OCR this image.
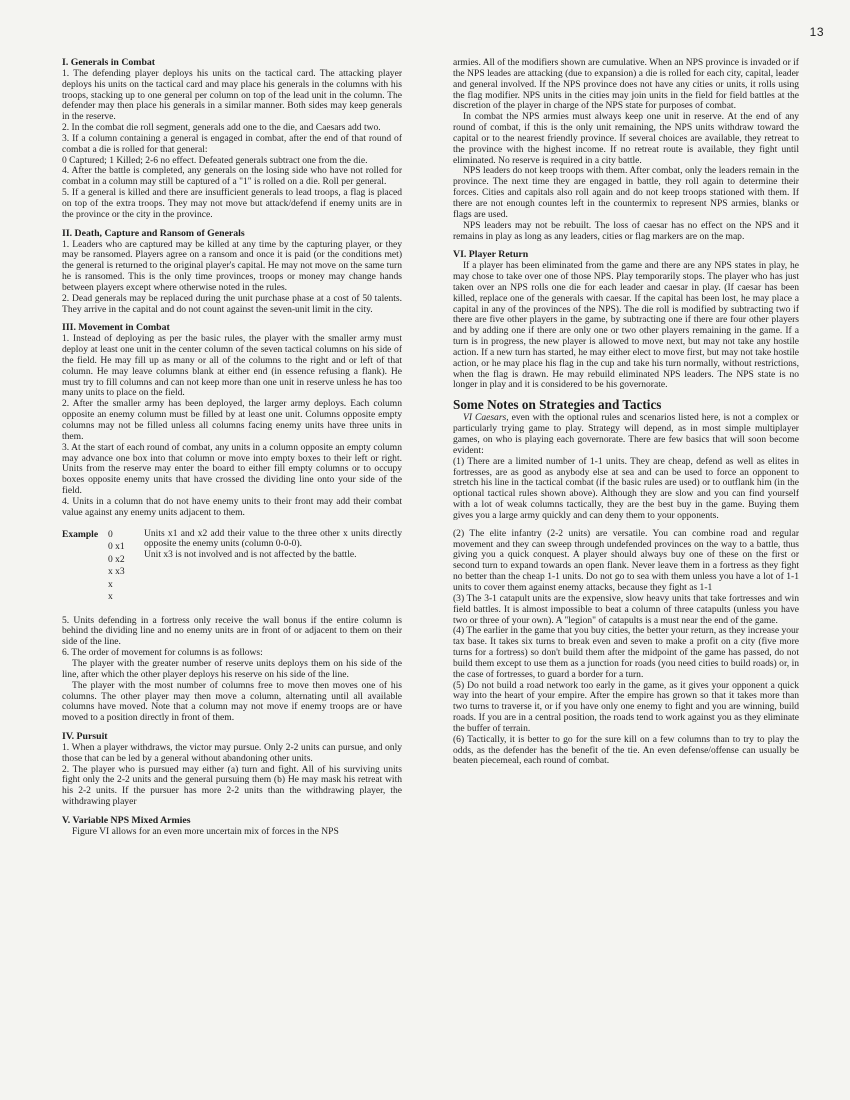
13
I. Generals in Combat

1. The defending player deploys his units on the tactical card. The attacking player deploys his units on the tactical card and may place his generals in the columns with his troops, stacking up to one general per column on top of the lead unit in the column. The defender may then place his generals in a similar manner. Both sides may keep generals in the reserve.

2. In the combat die roll segment, generals add one to the die, and Caesars add two.

3. If a column containing a general is engaged in combat, after the end of that round of combat a die is rolled for that general:

0 Captured; 1 Killed; 2-6 no effect. Defeated generals subtract one from the die.

4. After the battle is completed, any generals on the losing side who have not rolled for combat in a column may still be captured of a "1" is rolled on a die. Roll per general.

5. If a general is killed and there are insufficient generals to lead troops, a flag is placed on top of the extra troops. They may not move but attack/defend if enemy units are in the province or the city in the province.

II. Death, Capture and Ransom of Generals

1. Leaders who are captured may be killed at any time by the capturing player, or they may be ransomed. Players agree on a ransom and once it is paid (or the conditions met) the general is returned to the original player's capital. He may not move on the same turn he is ransomed. This is the only time provinces, troops or money may change hands between players except where otherwise noted in the rules.

2. Dead generals may be replaced during the unit purchase phase at a cost of 50 talents. They arrive in the capital and do not count against the seven-unit limit in the city.

III. Movement in Combat

1. Instead of deploying as per the basic rules, the player with the smaller army must deploy at least one unit in the center column of the seven tactical columns on his side of the field. He may fill up as many or all of the columns to the right and or left of that column. He may leave columns blank at either end (in essence refusing a flank). He must try to fill columns and can not keep more than one unit in reserve unless he has too many units to place on the field.

2. After the smaller army has been deployed, the larger army deploys. Each column opposite an enemy column must be filled by at least one unit. Columns opposite empty columns may not be filled unless all columns facing enemy units have three units in them.

3. At the start of each round of combat, any units in a column opposite an empty column may advance one box into that column or move into empty boxes to their left or right. Units from the reserve may enter the board to either fill empty columns or to occupy boxes opposite enemy units that have crossed the dividing line onto your side of the field.

4. Units in a column that do not have enemy units to their front may add their combat value against any enemy units adjacent to them.

Example	0
0 x1
0 x2
x x3
x
x

Units x1 and x2 add their value to the three other x units directly opposite the enemy units (column 0-0-0).

Unit x3 is not involved and is not affected by the battle.

5. Units defending in a fortress only receive the wall bonus if the entire column is behind the dividing line and no enemy units are in front of or adjacent to them on their side of the line.

6. The order of movement for columns is as follows:

The player with the greater number of reserve units deploys them on his side of the line, after which the other player deploys his reserve on his side of the line.

The player with the most number of columns free to move then moves one of his columns. The other player may then move a column, alternating until all available columns have moved. Note that a column may not move if enemy troops are or have moved to a position directly in front of them.

IV. Pursuit

1. When a player withdraws, the victor may pursue. Only 2-2 units can pursue, and only those that can be led by a general without abandoning other units.

2. The player who is pursued may either (a) turn and fight. All of his surviving units fight only the 2-2 units and the general pursuing them (b) He may mask his retreat with his 2-2 units. If the pursuer has more 2-2 units than the withdrawing player, the withdrawing player

V. Variable NPS Mixed Armies

Figure VI allows for an even more uncertain mix of forces in the NPS

armies. All of the modifiers shown are cumulative. When an NPS province is invaded or if the NPS leades are attacking (due to expansion) a die is rolled for each city, capital, leader and general involved. If the NPS province does not have any cities or units, it rolls using the flag modifier. NPS units in the cities may join units in the field for field battles at the discretion of the player in charge of the NPS state for purposes of combat.

In combat the NPS armies must always keep one unit in reserve. At the end of any round of combat, if this is the only unit remaining, the NPS units withdraw toward the capital or to the nearest friendly province. If several choices are available, they retreat to the province with the highest income. If no retreat route is available, they fight until eliminated. No reserve is required in a city battle.

NPS leaders do not keep troops with them. After combat, only the leaders remain in the province. The next time they are engaged in battle, they roll again to determine their forces. Cities and capitals also roll again and do not keep troops stationed with them. If there are not enough countes left in the countermix to represent NPS armies, blanks or flags are used.

NPS leaders may not be rebuilt. The loss of caesar has no effect on the NPS and it remains in play as long as any leaders, cities or flag markers are on the map.

VI. Player Return

If a player has been eliminated from the game and there are any NPS states in play, he may chose to take over one of those NPS. Play temporarily stops. The player who has just taken over an NPS rolls one die for each leader and caesar in play. (If caesar has been killed, replace one of the generals with caesar. If the capital has been lost, he may place a capital in any of the provinces of the NPS). The die roll is modified by subtracting two if there are five other players in the game, by subtracting one if there are four other players and by adding one if there are only one or two other players remaining in the game. If a turn is in progress, the new player is allowed to move next, but may not take any hostile action. If a new turn has started, he may either elect to move first, but may not take hostile action, or he may place his flag in the cup and take his turn normally, without restrictions, when the flag is drawn. He may rebuild eliminated NPS leaders. The NPS state is no longer in play and it is considered to be his governorate.

Some Notes on Strategies and Tactics

VI Caesars, even with the optional rules and scenarios listed here, is not a complex or particularly trying game to play. Strategy will depend, as in most simple multiplayer games, on who is playing each governorate. There are few basics that will soon become evident:

(1) There are a limited number of 1-1 units. They are cheap, defend as well as elites in fortresses, are as good as anybody else at sea and can be used to force an opponent to stretch his line in the tactical combat (if the basic rules are used) or to outflank him (in the optional tactical rules shown above). Although they are slow and you can find yourself with a lot of weak columns tactically, they are the best buy in the game. Buying them gives you a large army quickly and can deny them to your opponents.

(2) The elite infantry (2-2 units) are versatile. You can combine road and regular movement and they can sweep through undefended provinces on the way to a battle, thus giving you a quick conquest. A player should always buy one of these on the first or second turn to expand towards an open flank. Never leave them in a fortress as they fight no better than the cheap 1-1 units. Do not go to sea with them unless you have a lot of 1-1 units to cover them against enemy attacks, because they fight as 1-1

(3) The 3-1 catapult units are the expensive, slow heavy units that take fortresses and win field battles. It is almost impossible to beat a column of three catapults (unless you have two or three of your own). A "legion" of catapults is a must near the end of the game.

(4) The earlier in the game that you buy cities, the better your return, as they increase your tax base. It takes six turns to break even and seven to make a profit on a city (five more turns for a fortress) so don't build them after the midpoint of the game has passed, do not build them except to use them as a junction for roads (you need cities to build roads) or, in the case of fortresses, to guard a border for a turn.

(5) Do not build a road network too early in the game, as it gives your opponent a quick way into the heart of your empire. After the empire has grown so that it takes more than two turns to traverse it, or if you have only one enemy to fight and you are winning, build roads. If you are in a central position, the roads tend to work against you as they eliminate the buffer of terrain.

(6) Tactically, it is better to go for the sure kill on a few columns than to try to play the odds, as the defender has the benefit of the tie. An even defense/offense can usually be beaten piecemeal, each round of combat.
